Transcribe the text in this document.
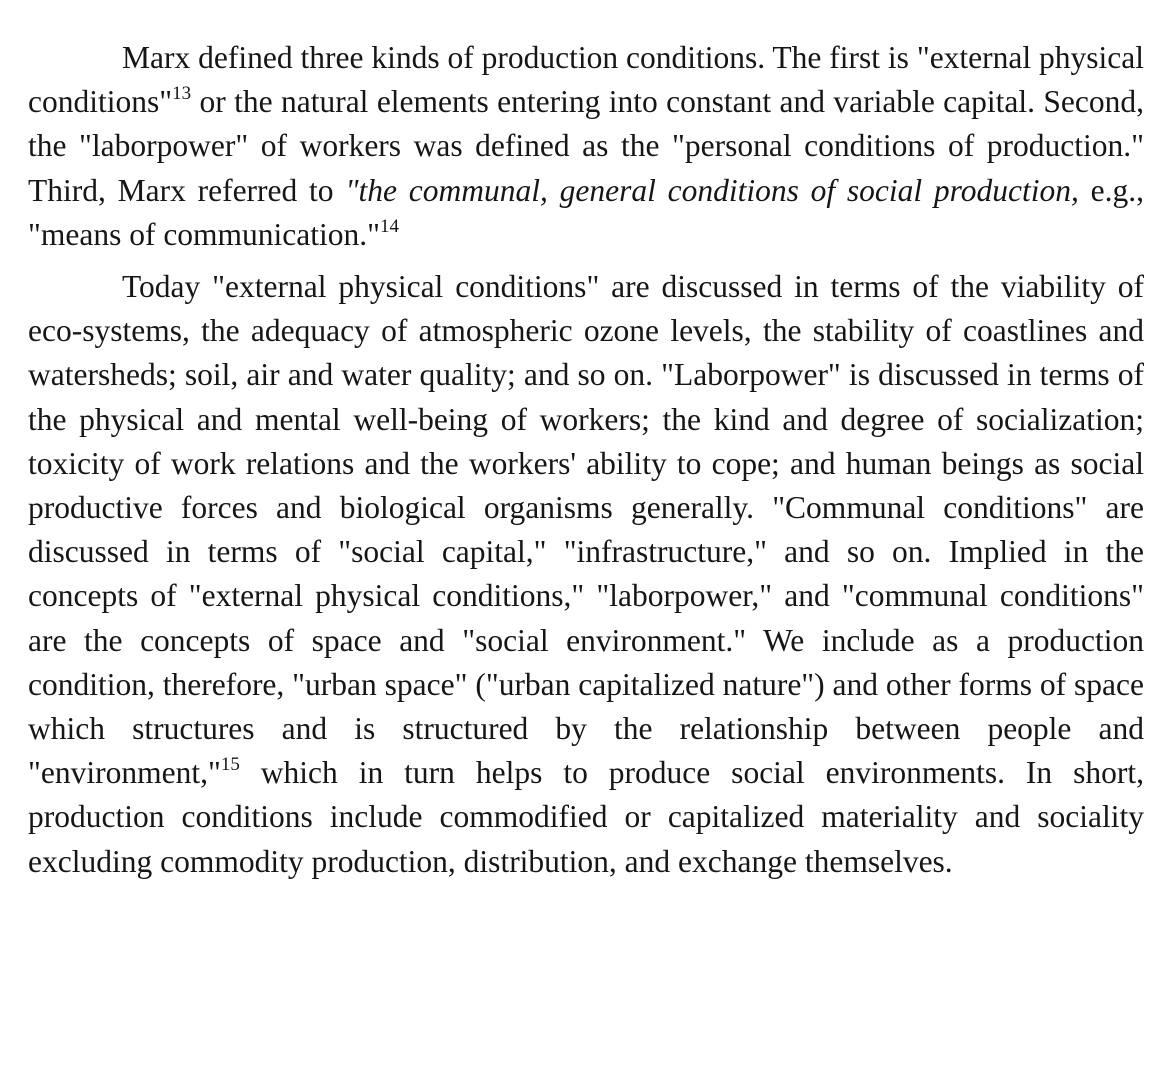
Marx defined three kinds of production conditions. The first is "external physical conditions"$^{13}$ or the natural elements entering into constant and variable capital. Second, the "laborpower" of workers was defined as the "personal conditions of production." Third, Marx referred to "the communal, general conditions of social production, e.g., "means of communication."$^{14}$

Today "external physical conditions" are discussed in terms of the viability of eco-systems, the adequacy of atmospheric ozone levels, the stability of coastlines and watersheds; soil, air and water quality; and so on. "Laborpower" is discussed in terms of the physical and mental well-being of workers; the kind and degree of socialization; toxicity of work relations and the workers' ability to cope; and human beings as social productive forces and biological organisms generally. "Communal conditions" are discussed in terms of "social capital," "infrastructure," and so on. Implied in the concepts of "external physical conditions," "laborpower," and "communal conditions" are the concepts of space and "social environment." We include as a production condition, therefore, "urban space" ("urban capitalized nature") and other forms of space which structures and is structured by the relationship between people and "environment,"$^{15}$ which in turn helps to produce social environments. In short, production conditions include commodified or capitalized materiality and sociality excluding commodity production, distribution, and exchange themselves.
